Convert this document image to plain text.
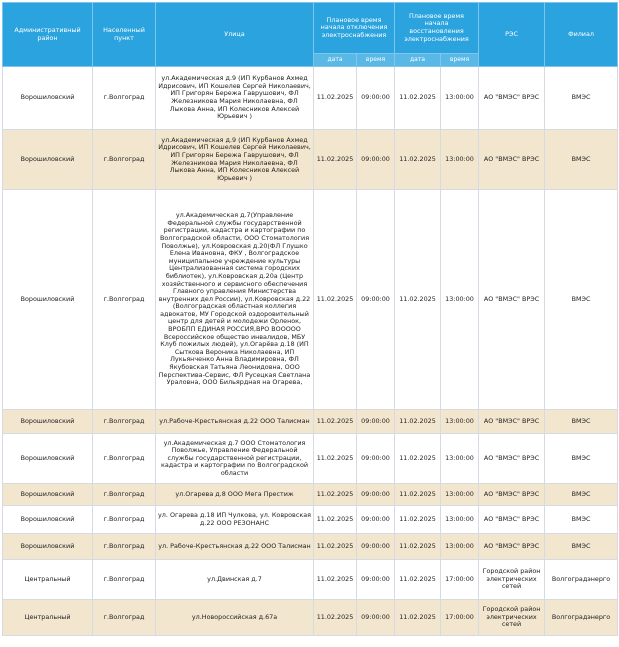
Административный район	Населенный пункт	Улица	Плановое время начала отключения электроснабжения		Плановое время начала восстановления электроснабжения		РЭС	Филиал
			дата	время	дата	время		
Ворошиловский	г.Волгоград	ул.Академическая д.9 (ИП Курбанов Ахмед Идрисович, ИП Кошелев Сергей Николаевич, ИП Григорян Бережа Гаврушович, ФЛ Железникова Мария Николаевна, ФЛ Лыкова Анна, ИП Колесников Алексей Юрьевич )	11.02.2025	09:00:00	11.02.2025	13:00:00	АО "ВМЭС" ВРЭС	ВМЭС
Ворошиловский	г.Волгоград	ул.Академическая д.9 (ИП Курбанов Ахмед Идрисович, ИП Кошелев Сергей Николаевич, ИП Григорян Бережа Гаврушович, ФЛ Железникова Мария Николаевна, ФЛ Лыкова Анна, ИП Колесников Алексей Юрьевич )	11.02.2025	09:00:00	11.02.2025	13:00:00	АО "ВМЭС" ВРЭС	ВМЭС
Ворошиловский	г.Волгоград	ул.Академическая д.7(Управление Федеральной службы государственной регистрации, кадастра и картографии по Волгоградской области, ООО Стоматология Поволжье), ул.Ковровская д.20(ФЛ Глушко Елена Ивановна, ФКУ , Волгоградское муниципальное учреждение культуры Централизованная система городских библиотек), ул.Ковровская д.20а (Центр хозяйственного и сервисного обеспечения Главного управления Министерства внутренних дел России), ул.Ковровская д.22 (Волгоградская областная коллегия адвокатов, МУ Городской оздоровительный центр для детей и молодежи Орленок, ВРОБПП ЕДИНАЯ РОССИЯ,ВРО ВООООО Всероссийское общество инвалидов, МБУ Клуб пожилых людей), ул.Огарёва д.18 (ИП Сыткова Вероника Николаевна, ИП Лукьянченко Анна Владимировна, ФЛ Якубовская Татьяна Леонидовна, ООО Перспектива-Сервис, ФЛ Русецкая Светлана Ураловна, ООО Бильярдная на Огарева,	11.02.2025	09:00:00	11.02.2025	13:00:00	АО "ВМЭС" ВРЭС	ВМЭС
Ворошиловский	г.Волгоград	ул.Рабоче-Крестьянская д.22 ООО Талисман	11.02.2025	09:00:00	11.02.2025	13:00:00	АО "ВМЭС" ВРЭС	ВМЭС
Ворошиловский	г.Волгоград	ул.Академическая д.7 ООО Стоматология Поволжье, Управление Федеральной службы государственной регистрации, кадастра и картографии по Волгоградской области	11.02.2025	09:00:00	11.02.2025	13:00:00	АО "ВМЭС" ВРЭС	ВМЭС
Ворошиловский	г.Волгоград	ул.Огарева д.8 ООО Мега Престиж	11.02.2025	09:00:00	11.02.2025	13:00:00	АО "ВМЭС" ВРЭС	ВМЭС
Ворошиловский	г.Волгоград	ул. Огарева д.18 ИП Чулкова, ул. Ковровская д.22 ООО РЕЗОНАНС	11.02.2025	09:00:00	11.02.2025	13:00:00	АО "ВМЭС" ВРЭС	ВМЭС
Ворошиловский	г.Волгоград	ул. Рабоче-Крестьянская д.22 ООО Талисман	11.02.2025	09:00:00	11.02.2025	13:00:00	АО "ВМЭС" ВРЭС	ВМЭС
Центральный	г.Волгоград	ул.Двинская д.7	11.02.2025	09:00:00	11.02.2025	17:00:00	Городской район электрических сетей	Волгоградэнерго
Центральный	г.Волгоград	ул.Новороссийская д.67а	11.02.2025	09:00:00	11.02.2025	17:00:00	Городской район электрических сетей	Волгоградэнерго
